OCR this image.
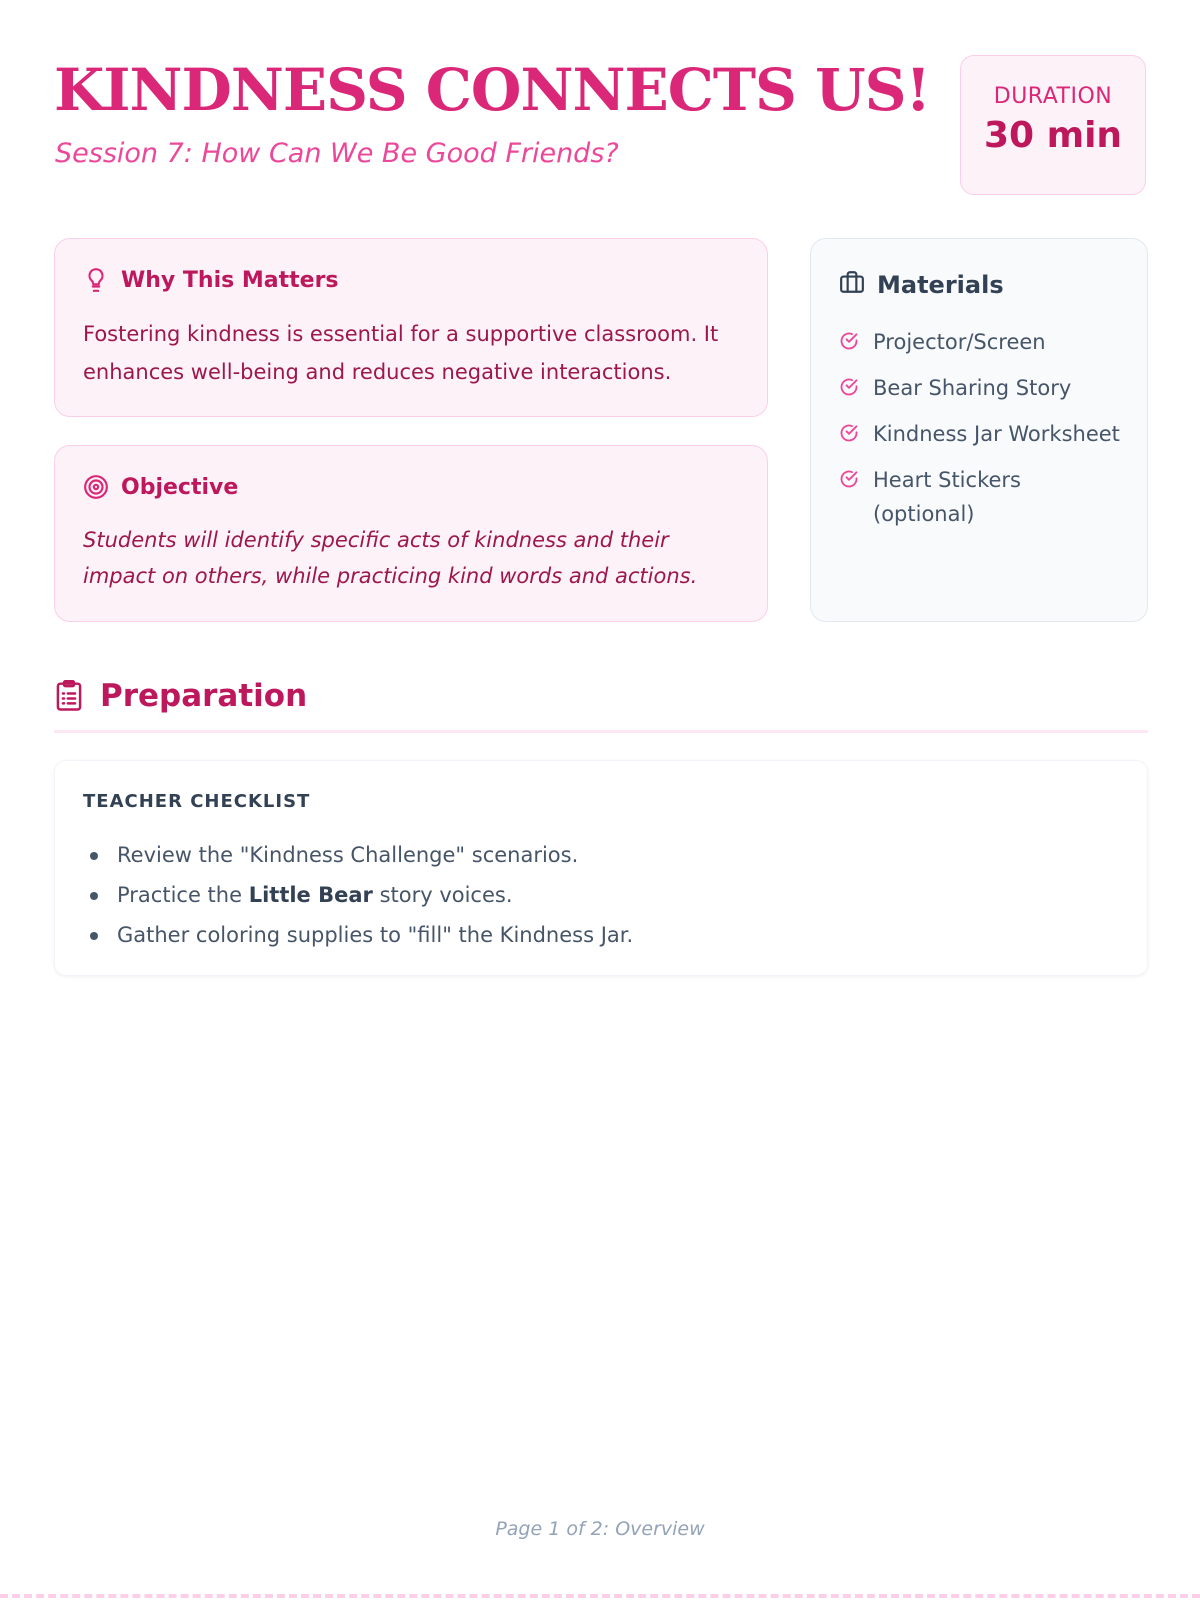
KINDNESS CONNECTS US!
Session 7: How Can We Be Good Friends?
DURATION
30 min
Why This Matters
Fostering kindness is essential for a supportive classroom. It enhances well-being and reduces negative interactions.
Objective
Students will identify specific acts of kindness and their impact on others, while practicing kind words and actions.
Materials
Projector/Screen
Bear Sharing Story
Kindness Jar Worksheet
Heart Stickers (optional)
Preparation
TEACHER CHECKLIST
Review the "Kindness Challenge" scenarios.
Practice the Little Bear story voices.
Gather coloring supplies to "fill" the Kindness Jar.
Page 1 of 2: Overview
